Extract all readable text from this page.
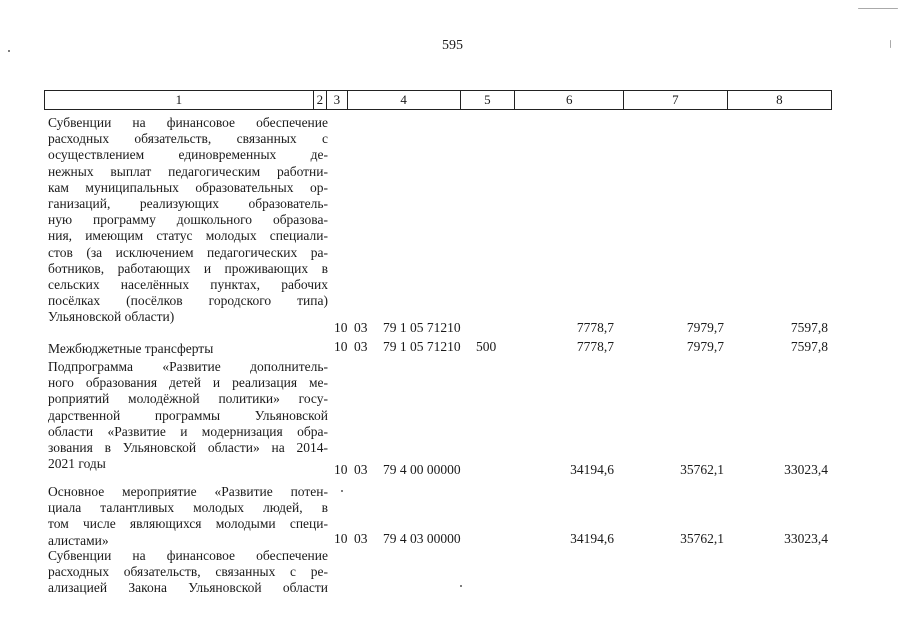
595
1	2 3	4	5	6	7	8
Субвенции на финансовое обеспечение
расходных обязательств, связанных с
осуществлением единовременных де-
нежных выплат педагогическим работни-
кам муниципальных образовательных ор-
ганизаций, реализующих образователь-
ную программу дошкольного образова-
ния, имеющим статус молодых специали-
стов (за исключением педагогических ра-
ботников, работающих и проживающих в
сельских населённых пунктах, рабочих
посёлках (посёлков городского типа)
Ульяновской области)
10 03 79 1 05 71210	7778,7	7979,7	7597,8
Межбюджетные трансферты	10 03 79 1 05 71210 500	7778,7	7979,7	7597,8
Подпрограмма «Развитие дополнитель-
ного образования детей и реализация ме-
роприятий молодёжной политики» госу-
дарственной программы Ульяновской
области «Развитие и модернизация обра-
зования в Ульяновской области» на 2014-
2021 годы	10 03 79 4 00 00000	34194,6	35762,1	33023,4
Основное мероприятие «Развитие потен-
циала талантливых молодых людей, в
том числе являющихся молодыми специ-
алистами»	10 03 79 4 03 00000	34194,6	35762,1	33023,4
Субвенции на финансовое обеспечение
расходных обязательств, связанных с ре-
ализацией Закона Ульяновской области
